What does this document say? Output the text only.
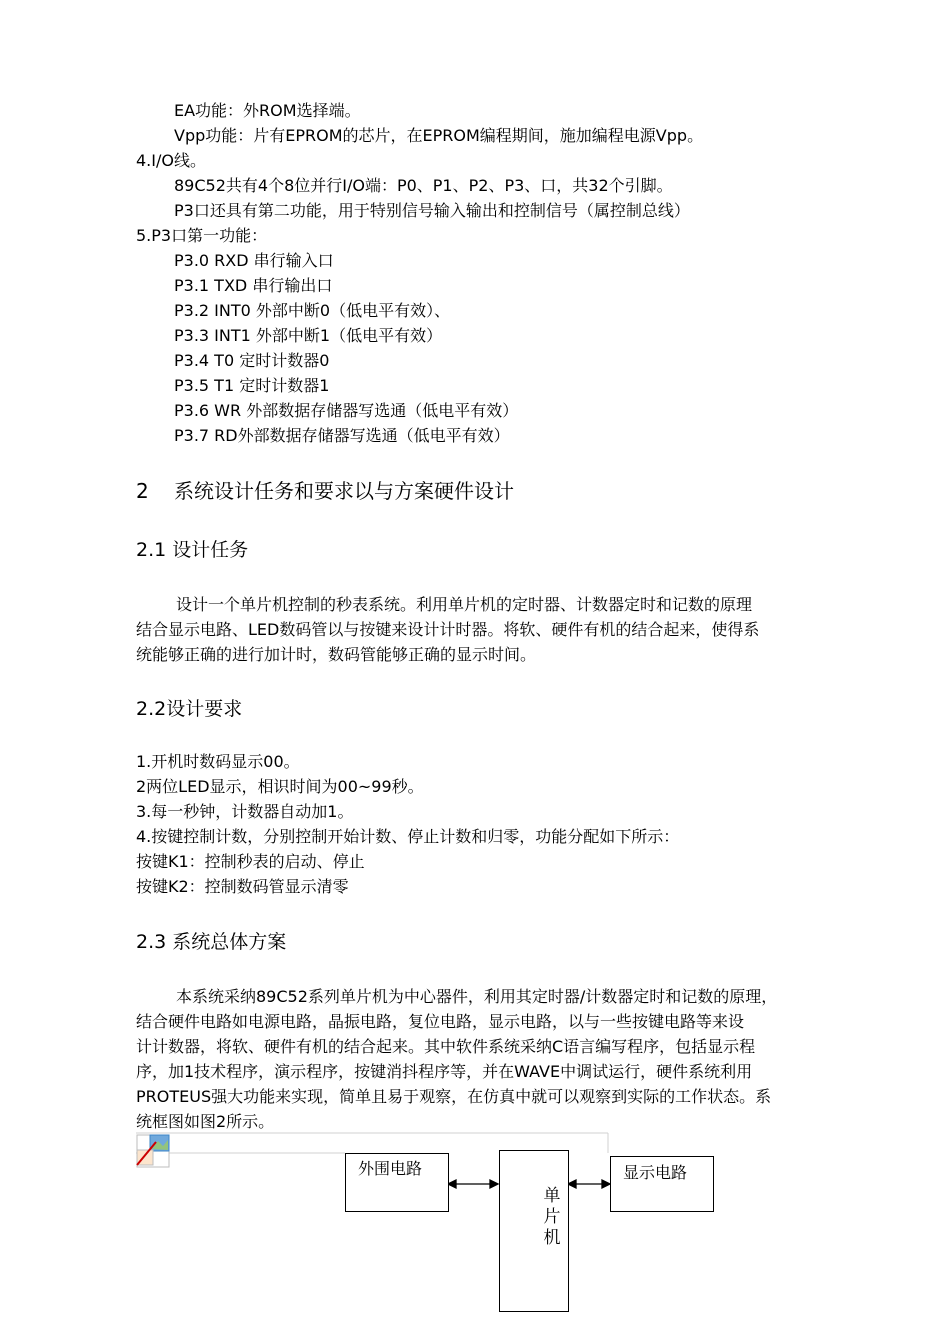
EA功能：外ROM选择端。
Vpp功能：片有EPROM的芯片，在EPROM编程期间，施加编程电源Vpp。
4.I/O线。
89C52共有4个8位并行I/O端：P0、P1、P2、P3、口，共32个引脚。
P3口还具有第二功能，用于特别信号输入输出和控制信号（属控制总线）
5.P3口第一功能：
P3.0 RXD 串行输入口
P3.1 TXD 串行输出口
P3.2 INT0 外部中断0（低电平有效）、
P3.3 INT1 外部中断1（低电平有效）
P3.4 T0 定时计数器0
P3.5 T1 定时计数器1
P3.6 WR 外部数据存储器写选通（低电平有效）
P3.7 RD外部数据存储器写选通（低电平有效）
2 系统设计任务和要求以与方案硬件设计
2.1 设计任务
设计一个单片机控制的秒表系统。利用单片机的定时器、计数器定时和记数的原理
结合显示电路、LED数码管以与按键来设计计时器。将软、硬件有机的结合起来，使得系
统能够正确的进行加计时，数码管能够正确的显示时间。
2.2设计要求
1.开机时数码显示00。
2两位LED显示，相识时间为00~99秒。
3.每一秒钟，计数器自动加1。
4.按键控制计数，分别控制开始计数、停止计数和归零，功能分配如下所示：
按键K1：控制秒表的启动、停止
按键K2：控制数码管显示清零
2.3 系统总体方案
本系统采纳89C52系列单片机为中心器件，利用其定时器/计数器定时和记数的原理，
结合硬件电路如电源电路，晶振电路，复位电路，显示电路，以与一些按键电路等来设
计计数器，将软、硬件有机的结合起来。其中软件系统采纳C语言编写程序，包括显示程
序，加1技术程序，演示程序，按键消抖程序等，并在WAVE中调试运行，硬件系统利用
PROTEUS强大功能来实现，简单且易于观察，在仿真中就可以观察到实际的工作状态。系
统框图如图2所示。
外围电路
单
片
机
显示电路
